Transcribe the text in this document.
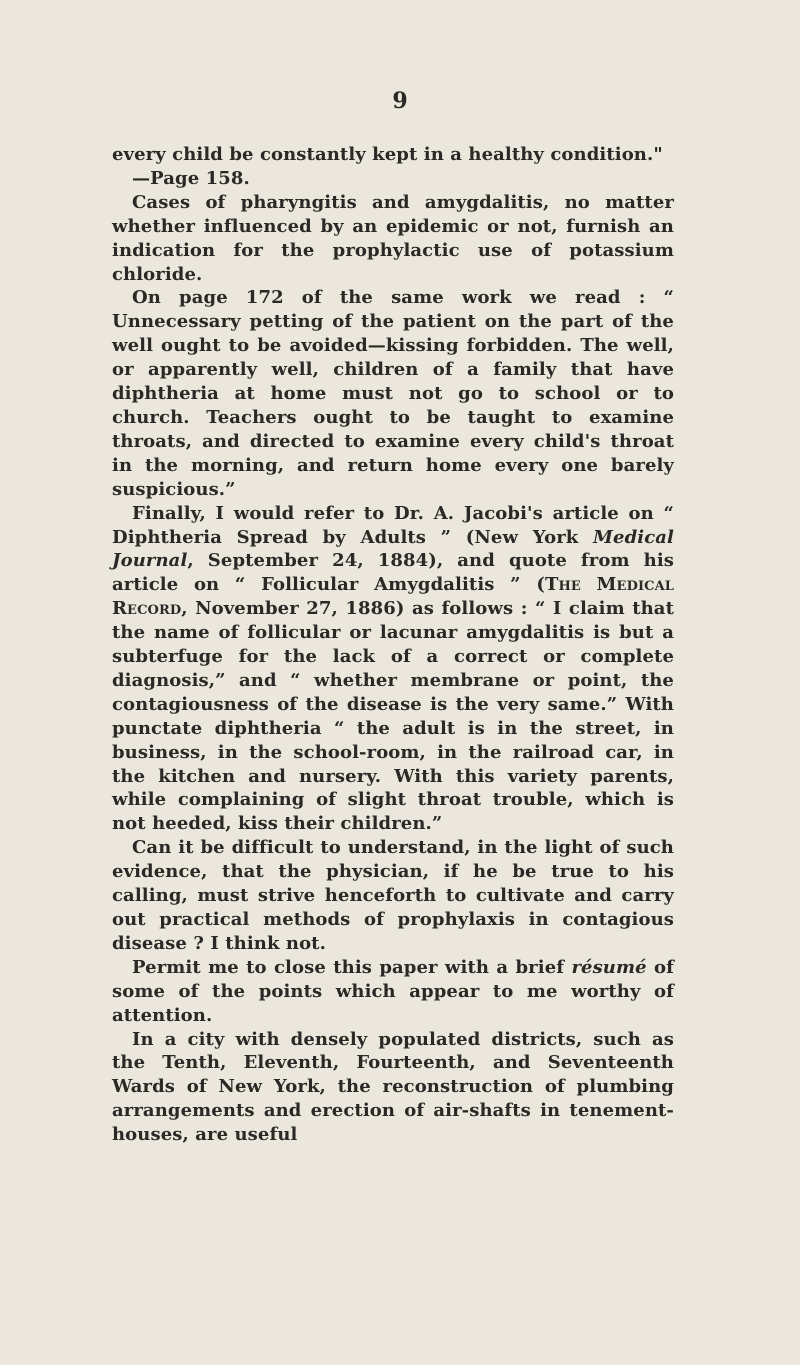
9

every child be constantly kept in a healthy condition."

—Page 158.

Cases of pharyngitis and amygdalitis, no matter whether influenced by an epidemic or not, furnish an indication for the prophylactic use of potassium chloride.

On page 172 of the same work we read : “ Unnecessary petting of the patient on the part of the well ought to be avoided—kissing forbidden. The well, or apparently well, children of a family that have diphtheria at home must not go to school or to church. Teachers ought to be taught to examine throats, and directed to examine every child's throat in the morning, and return home every one barely suspicious.”

Finally, I would refer to Dr. A. Jacobi's article on “ Diphtheria Spread by Adults ” (New York Medical Journal, September 24, 1884), and quote from his article on “ Follicular Amygdalitis ” (The Medical Record, November 27, 1886) as follows : “ I claim that the name of follicular or lacunar amygdalitis is but a subterfuge for the lack of a correct or complete diagnosis,” and “ whether membrane or point, the contagiousness of the disease is the very same.” With punctate diphtheria “ the adult is in the street, in business, in the school-room, in the railroad car, in the kitchen and nursery. With this variety parents, while complaining of slight throat trouble, which is not heeded, kiss their children.”

Can it be difficult to understand, in the light of such evidence, that the physician, if he be true to his calling, must strive henceforth to cultivate and carry out practical methods of prophylaxis in contagious disease ? I think not.

Permit me to close this paper with a brief résumé of some of the points which appear to me worthy of attention.

In a city with densely populated districts, such as the Tenth, Eleventh, Fourteenth, and Seventeenth Wards of New York, the reconstruction of plumbing arrangements and erection of air-shafts in tenement-houses, are useful
